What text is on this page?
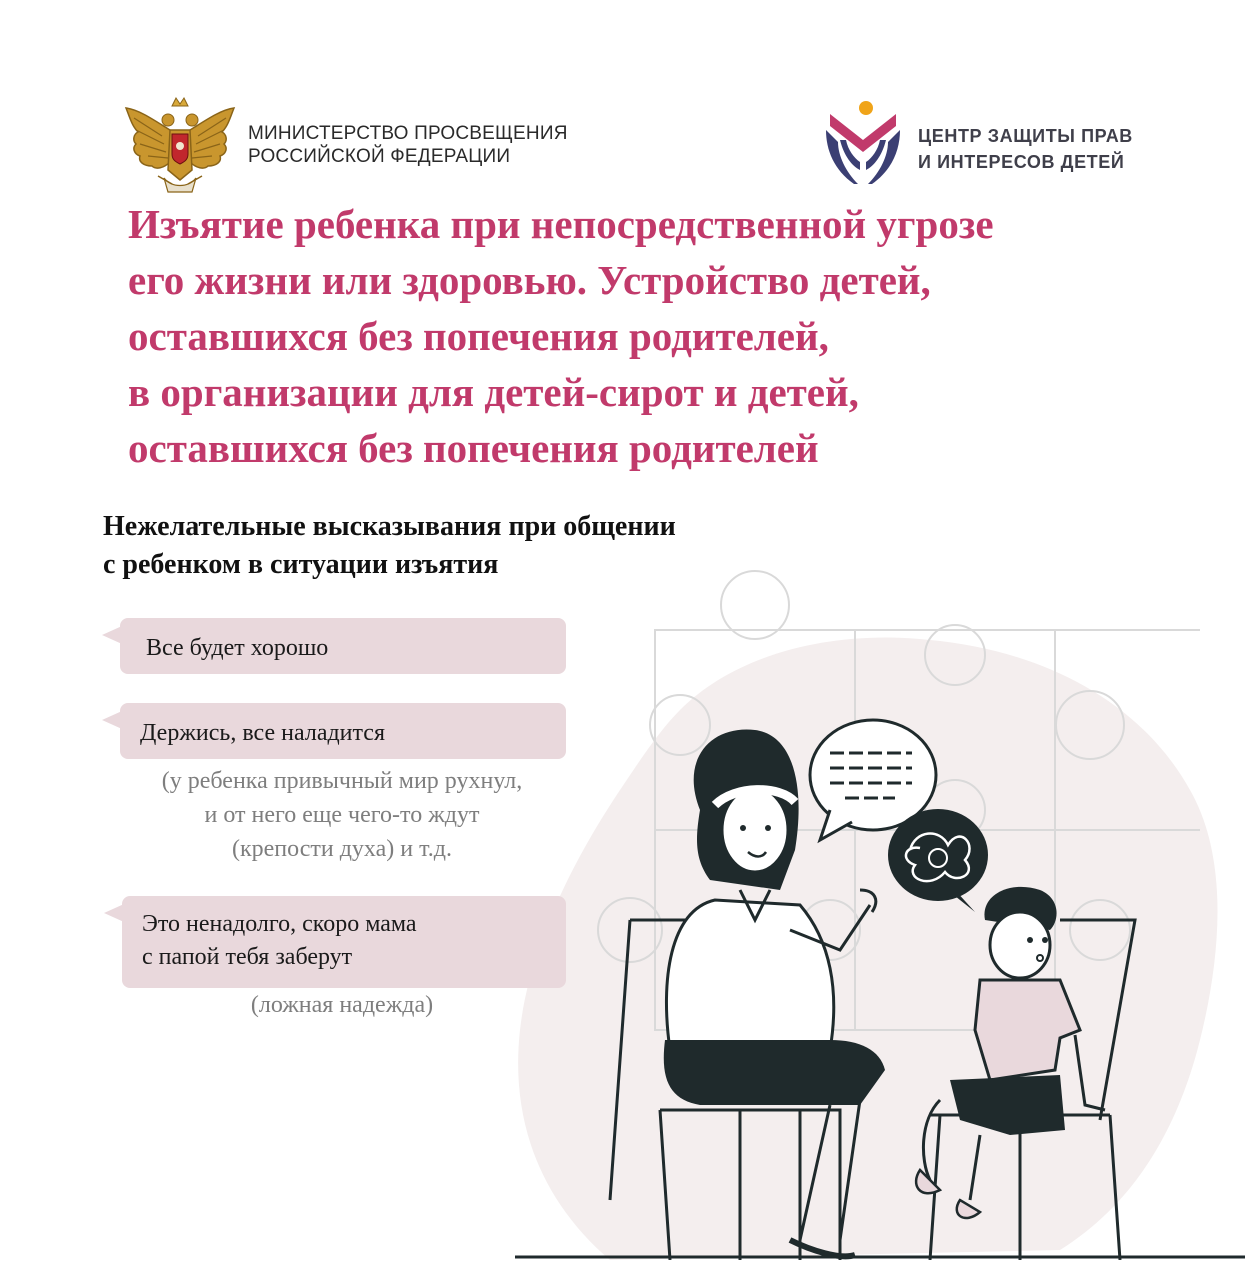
МИНИСТЕРСТВО ПРОСВЕЩЕНИЯ
РОССИЙСКОЙ ФЕДЕРАЦИИ
ЦЕНТР ЗАЩИТЫ ПРАВ
И ИНТЕРЕСОВ ДЕТЕЙ
Изъятие ребенка при непосредственной угрозе
его жизни или здоровью. Устройство детей,
оставшихся без попечения родителей,
в организации для детей-сирот и детей,
оставшихся без попечения родителей
Нежелательные высказывания при общении
с ребенком в ситуации изъятия
Все будет хорошо
Держись, все наладится
(у ребенка привычный мир рухнул,
и от него еще чего-то ждут
(крепости духа) и т.д.
Это ненадолго, скоро мама
с папой тебя заберут
(ложная надежда)
